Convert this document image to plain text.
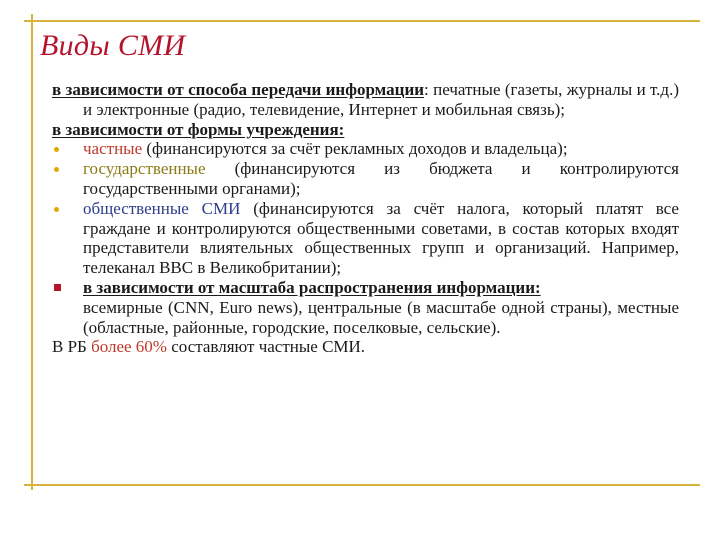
Виды СМИ

в зависимости от способа передачи информации: печатные (газеты, журналы и т.д.) и электронные (радио, телевидение, Интернет и мобильная связь);

в зависимости от формы учреждения:

частные (финансируются за счёт рекламных доходов и владельца);

государственные (финансируются из бюджета и контролируются государственными органами);

общественные СМИ (финансируются за счёт налога, который платят все граждане и контролируются общественными советами, в состав которых входят представители влиятельных общественных групп и организаций. Например, телеканал BBC в Великобритании);

в зависимости от масштаба распространения информации:
всемирные (CNN, Euro news), центральные (в масштабе одной страны), местные (областные, районные, городские, поселковые, сельские).

В РБ более 60% составляют частные СМИ.
